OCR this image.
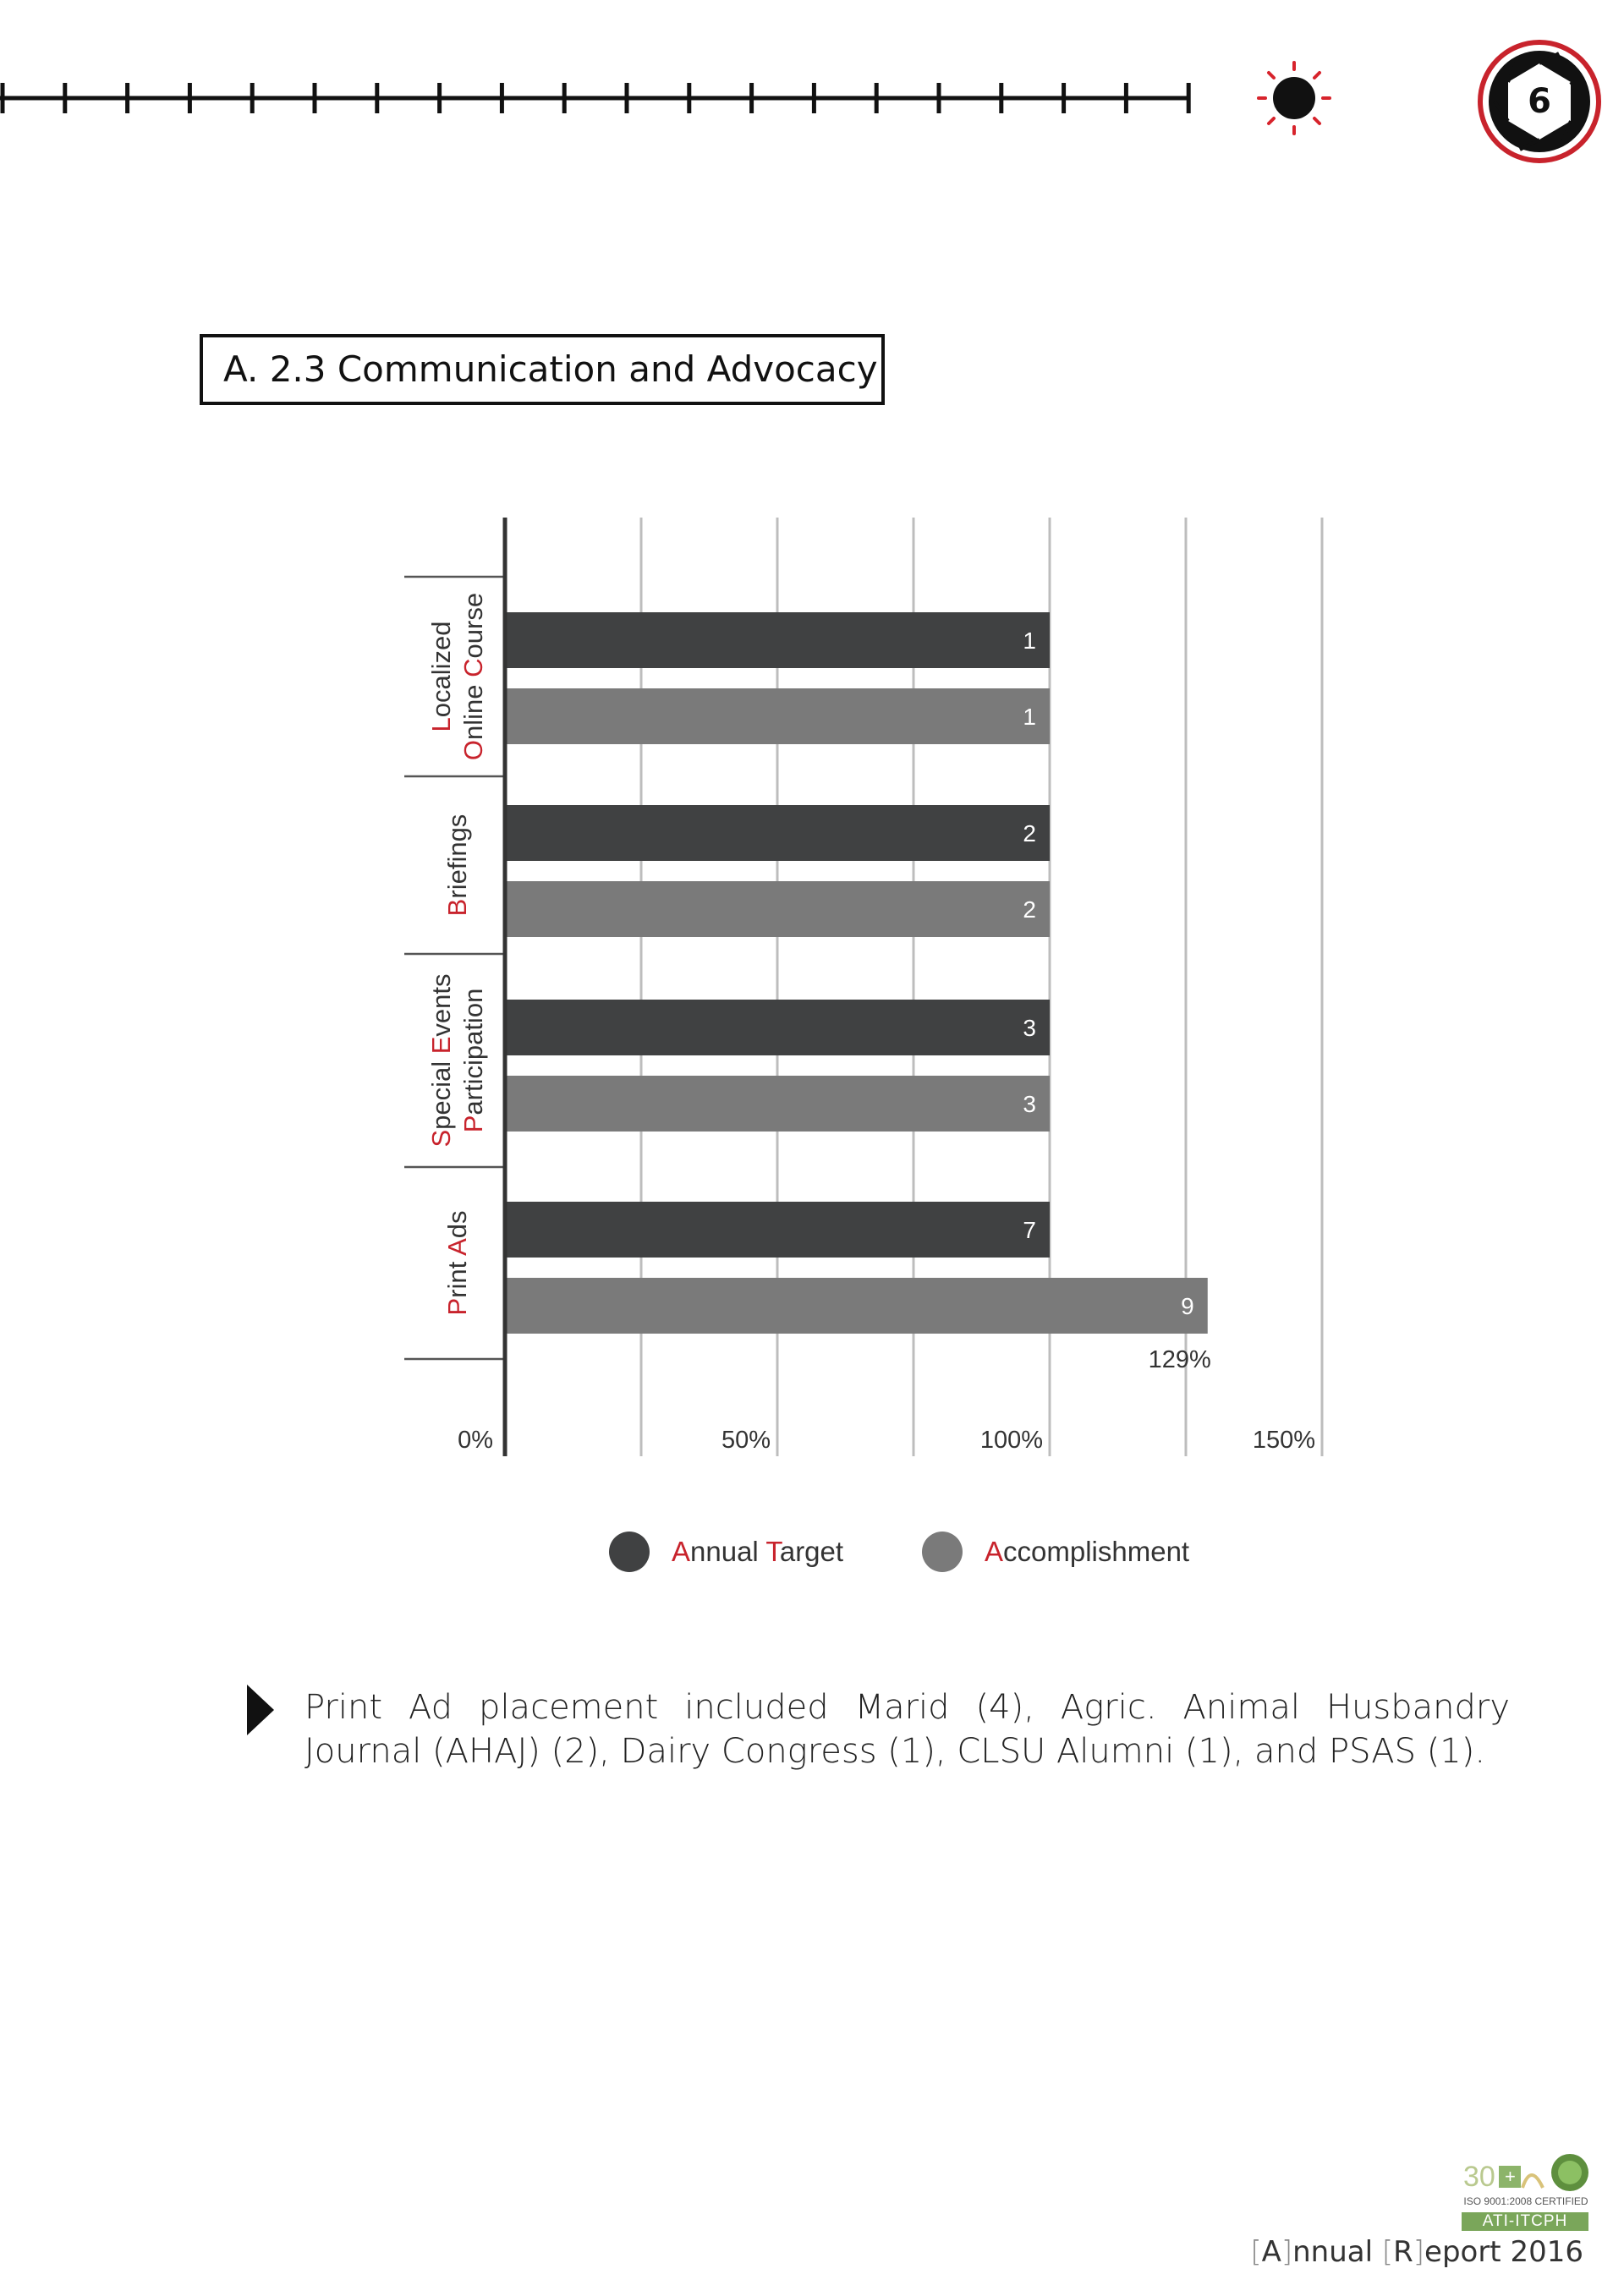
6
A. 2.3 Communication and Advocacy
1
2
3
7
1
2
3
9
129%
Localized
Online Course
Briefings
Special Events
Participation
Print Ads
0%	50%	100%	150%
Annual Target	Accomplishment
Print Ad placement included Marid (4), Agric. Animal Husbandry Journal (AHAJ) (2), Dairy Congress (1), CLSU Alumni (1), and PSAS (1).
30 +
ISO 9001:2008 CERTIFIED
ATI-ITCPH
[A]nnual [R]eport 2016
